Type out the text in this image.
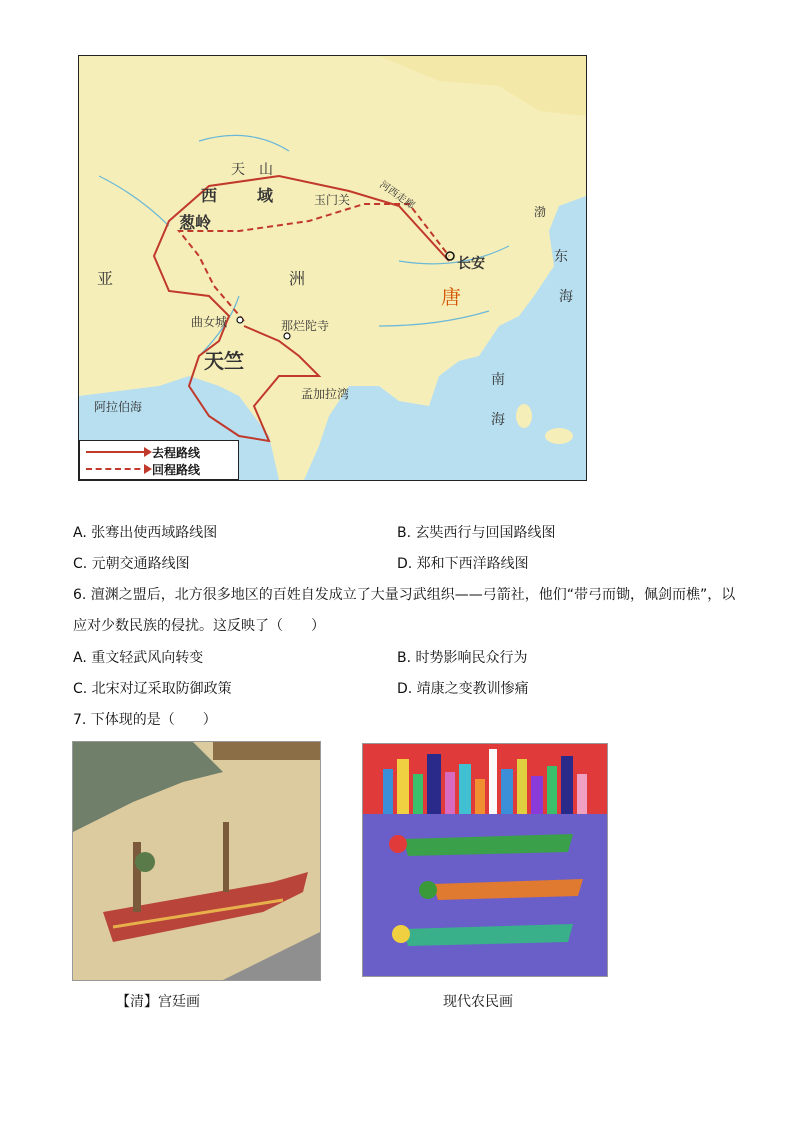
天　山
西 域
葱岭
玉门关	河西走廊
长安
唐
亚	洲
曲女城	那烂陀寺
天竺
孟加拉湾
阿拉伯海
渤
东
海
南
海
去程路线
回程路线
A. 张骞出使西域路线图	B. 玄奘西行与回国路线图
C. 元朝交通路线图	D. 郑和下西洋路线图
6. 澶渊之盟后，北方很多地区的百姓自发成立了大量习武组织——弓箭社，他们“带弓而锄，佩剑而樵”，以
应对少数民族的侵扰。这反映了（　　）
A. 重文轻武风向转变	B. 时势影响民众行为
C. 北宋对辽采取防御政策	D. 靖康之变教训惨痛
7. 下体现的是（　　）
【清】宫廷画	现代农民画
